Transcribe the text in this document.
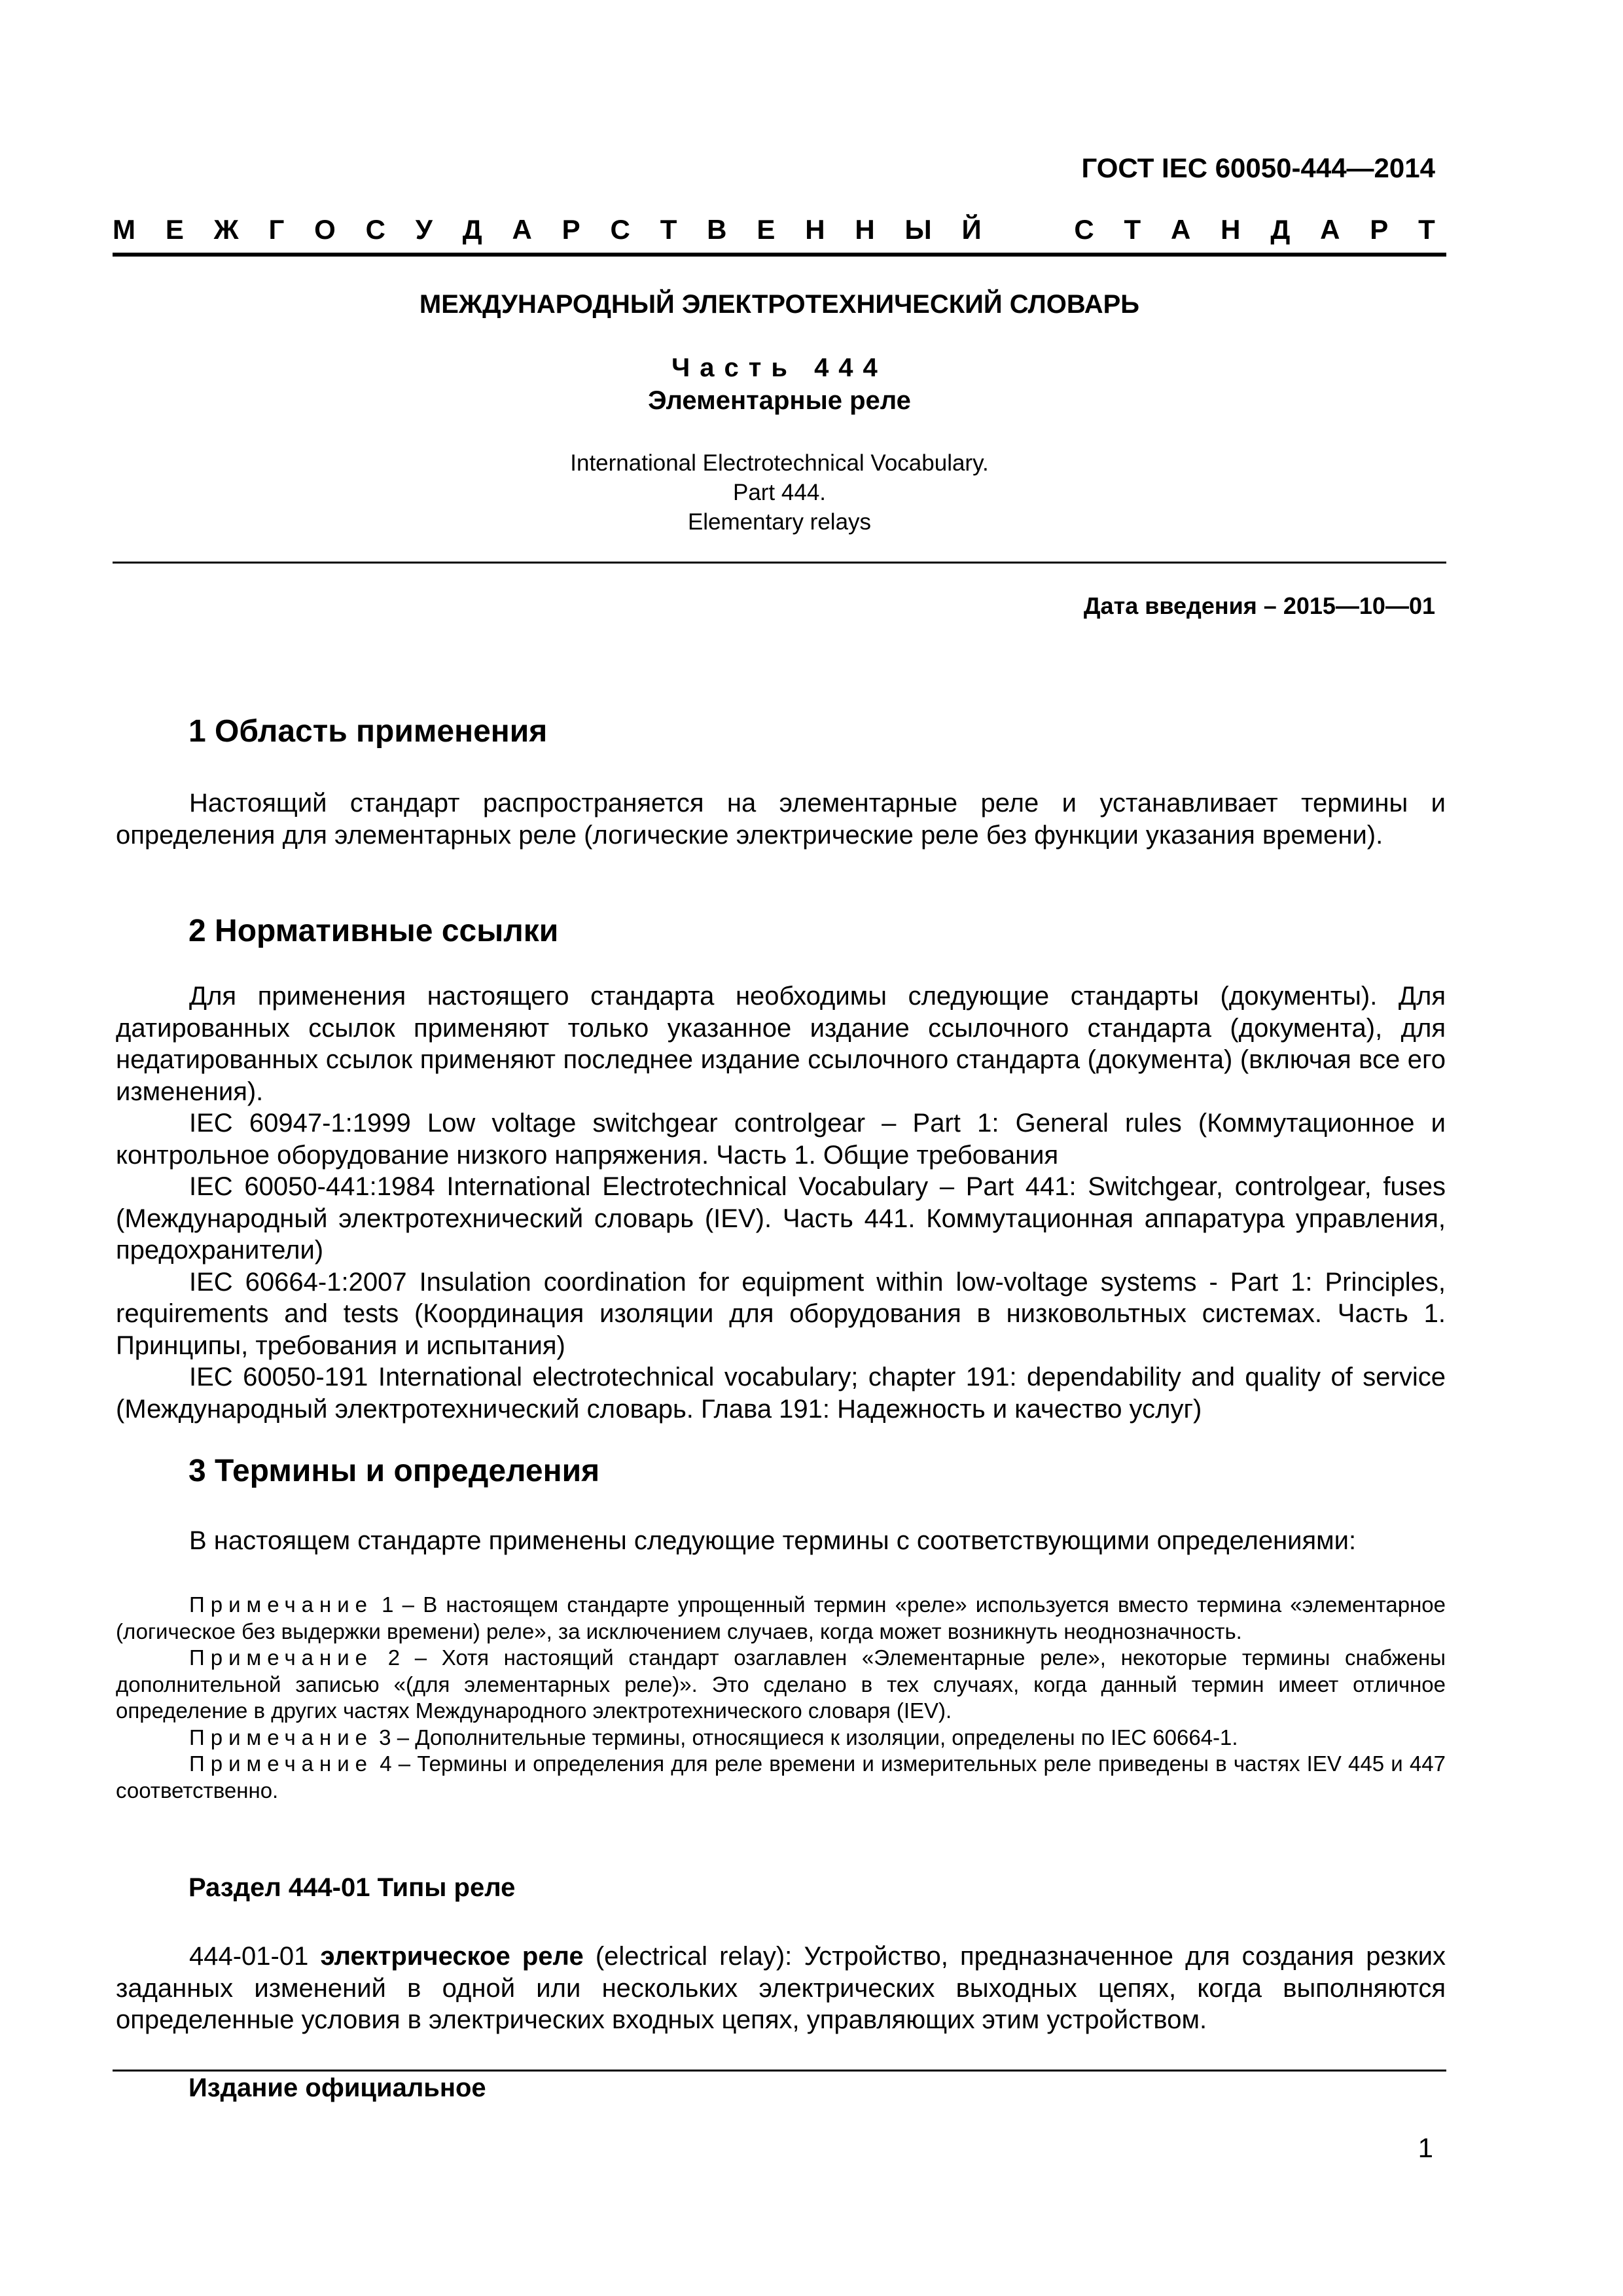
ГОСТ IEC 60050-444—2014
М Е Ж Г О С У Д А Р С Т В Е Н Н Ы Й	С Т А Н Д А Р Т
МЕЖДУНАРОДНЫЙ ЭЛЕКТРОТЕХНИЧЕСКИЙ СЛОВАРЬ
Часть 444
Элементарные реле
International Electrotechnical Vocabulary.
Part 444.
Elementary relays
Дата введения – 2015—10—01
1 Область применения

Настоящий стандарт распространяется на элементарные реле и устанавливает термины и определения для элементарных реле (логические электрические реле без функции указания времени).

2 Нормативные ссылки

Для применения настоящего стандарта необходимы следующие стандарты (документы). Для датированных ссылок применяют только указанное издание ссылочного стандарта (документа), для недатированных ссылок применяют последнее издание ссылочного стандарта (документа) (включая все его изменения).

IEC 60947-1:1999 Low voltage switchgear controlgear – Part 1: General rules (Коммутационное и контрольное оборудование низкого напряжения. Часть 1. Общие требования

IEC 60050-441:1984 International Electrotechnical Vocabulary – Part 441: Switchgear, controlgear, fuses (Международный электротехнический словарь (IEV). Часть 441. Коммутационная аппаратура управления, предохранители)

IEC 60664-1:2007 Insulation coordination for equipment within low-voltage systems - Part 1: Principles, requirements and tests (Координация изоляции для оборудования в низковольтных системах. Часть 1. Принципы, требования и испытания)

IEC 60050-191 International electrotechnical vocabulary; chapter 191: dependability and quality of service (Международный электротехнический словарь. Глава 191: Надежность и качество услуг)

3 Термины и определения

В настоящем стандарте применены следующие термины с соответствующими определениями:

Примечание 1 – В настоящем стандарте упрощенный термин «реле» используется вместо термина «элементарное (логическое без выдержки времени) реле», за исключением случаев, когда может возникнуть неоднозначность.

Примечание 2 – Хотя настоящий стандарт озаглавлен «Элементарные реле», некоторые термины снабжены дополнительной записью «(для элементарных реле)». Это сделано в тех случаях, когда данный термин имеет отличное определение в других частях Международного электротехнического словаря (IEV).

Примечание 3 – Дополнительные термины, относящиеся к изоляции, определены по IEC 60664-1.

Примечание 4 – Термины и определения для реле времени и измерительных реле приведены в частях IEV 445 и 447 соответственно.

Раздел 444-01 Типы реле

444-01-01 электрическое реле (electrical relay): Устройство, предназначенное для создания резких заданных изменений в одной или нескольких электрических выходных цепях, когда выполняются определенные условия в электрических входных цепях, управляющих этим устройством.

Издание официальное
1
